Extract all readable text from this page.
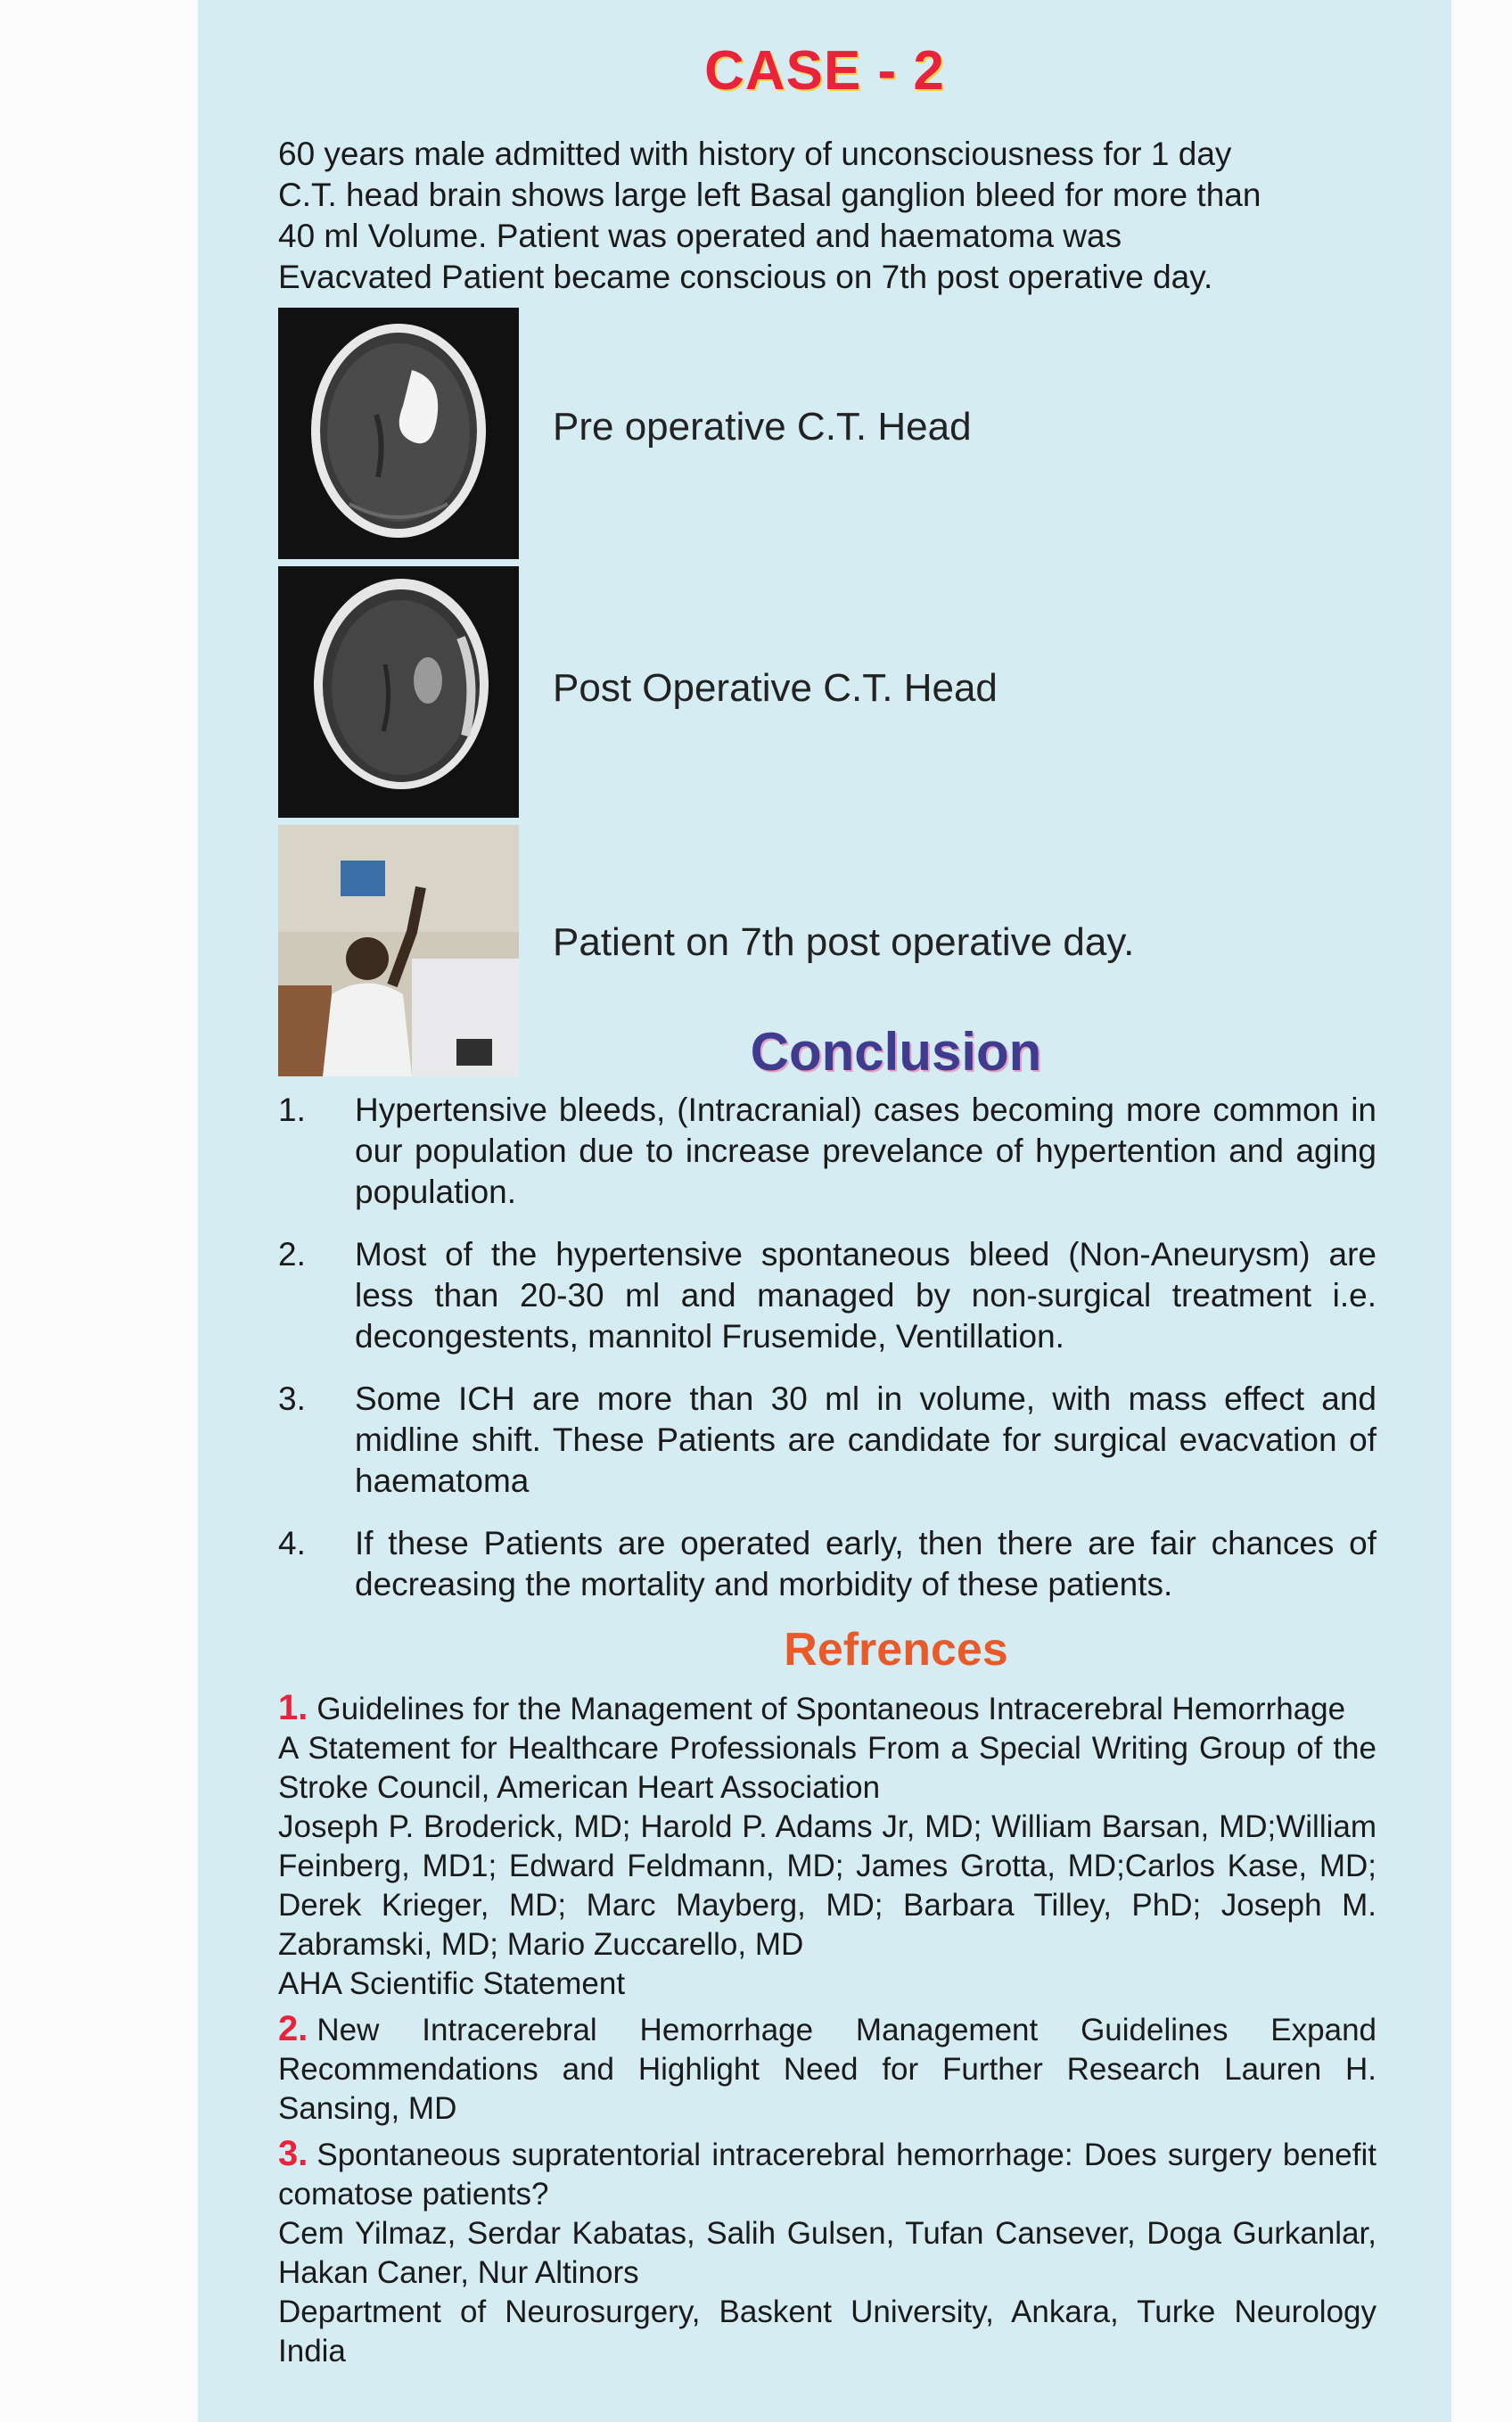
CASE - 2
60 years male admitted with history of unconsciousness for 1 day
C.T. head brain shows large left Basal ganglion bleed for more than
40 ml Volume. Patient was operated and haematoma was
Evacvated Patient became conscious on 7th post operative day.
Pre operative C.T. Head
Post Operative C.T. Head
Patient on 7th post operative day.
Conclusion
1.	Hypertensive bleeds, (Intracranial) cases becoming more common in our population due to increase prevelance of hypertention and aging population.
2.	Most of the hypertensive spontaneous bleed (Non-Aneurysm) are less than 20-30 ml and managed by non-surgical treatment i.e. decongestents, mannitol Frusemide, Ventillation.
3.	Some ICH are more than 30 ml in volume, with mass effect and midline shift. These Patients are candidate for surgical evacvation of haematoma
4.	If these Patients are operated early, then there are fair chances of decreasing the mortality and morbidity of these patients.
Refrences
1. Guidelines for the Management of Spontaneous Intracerebral Hemorrhage
A Statement for Healthcare Professionals From a Special Writing Group of the Stroke Council, American Heart Association
Joseph P. Broderick, MD; Harold P. Adams Jr, MD; William Barsan, MD;William Feinberg, MD1; Edward Feldmann, MD; James Grotta, MD;Carlos Kase, MD; Derek Krieger, MD; Marc Mayberg, MD; Barbara Tilley, PhD; Joseph M. Zabramski, MD; Mario Zuccarello, MD
AHA Scientific Statement
2. New Intracerebral Hemorrhage Management Guidelines Expand Recommendations and Highlight Need for Further Research Lauren H. Sansing, MD
3. Spontaneous supratentorial intracerebral hemorrhage: Does surgery benefit comatose patients?
Cem Yilmaz, Serdar Kabatas, Salih Gulsen, Tufan Cansever, Doga Gurkanlar, Hakan Caner, Nur Altinors
Department of Neurosurgery, Baskent University, Ankara, Turke Neurology India
